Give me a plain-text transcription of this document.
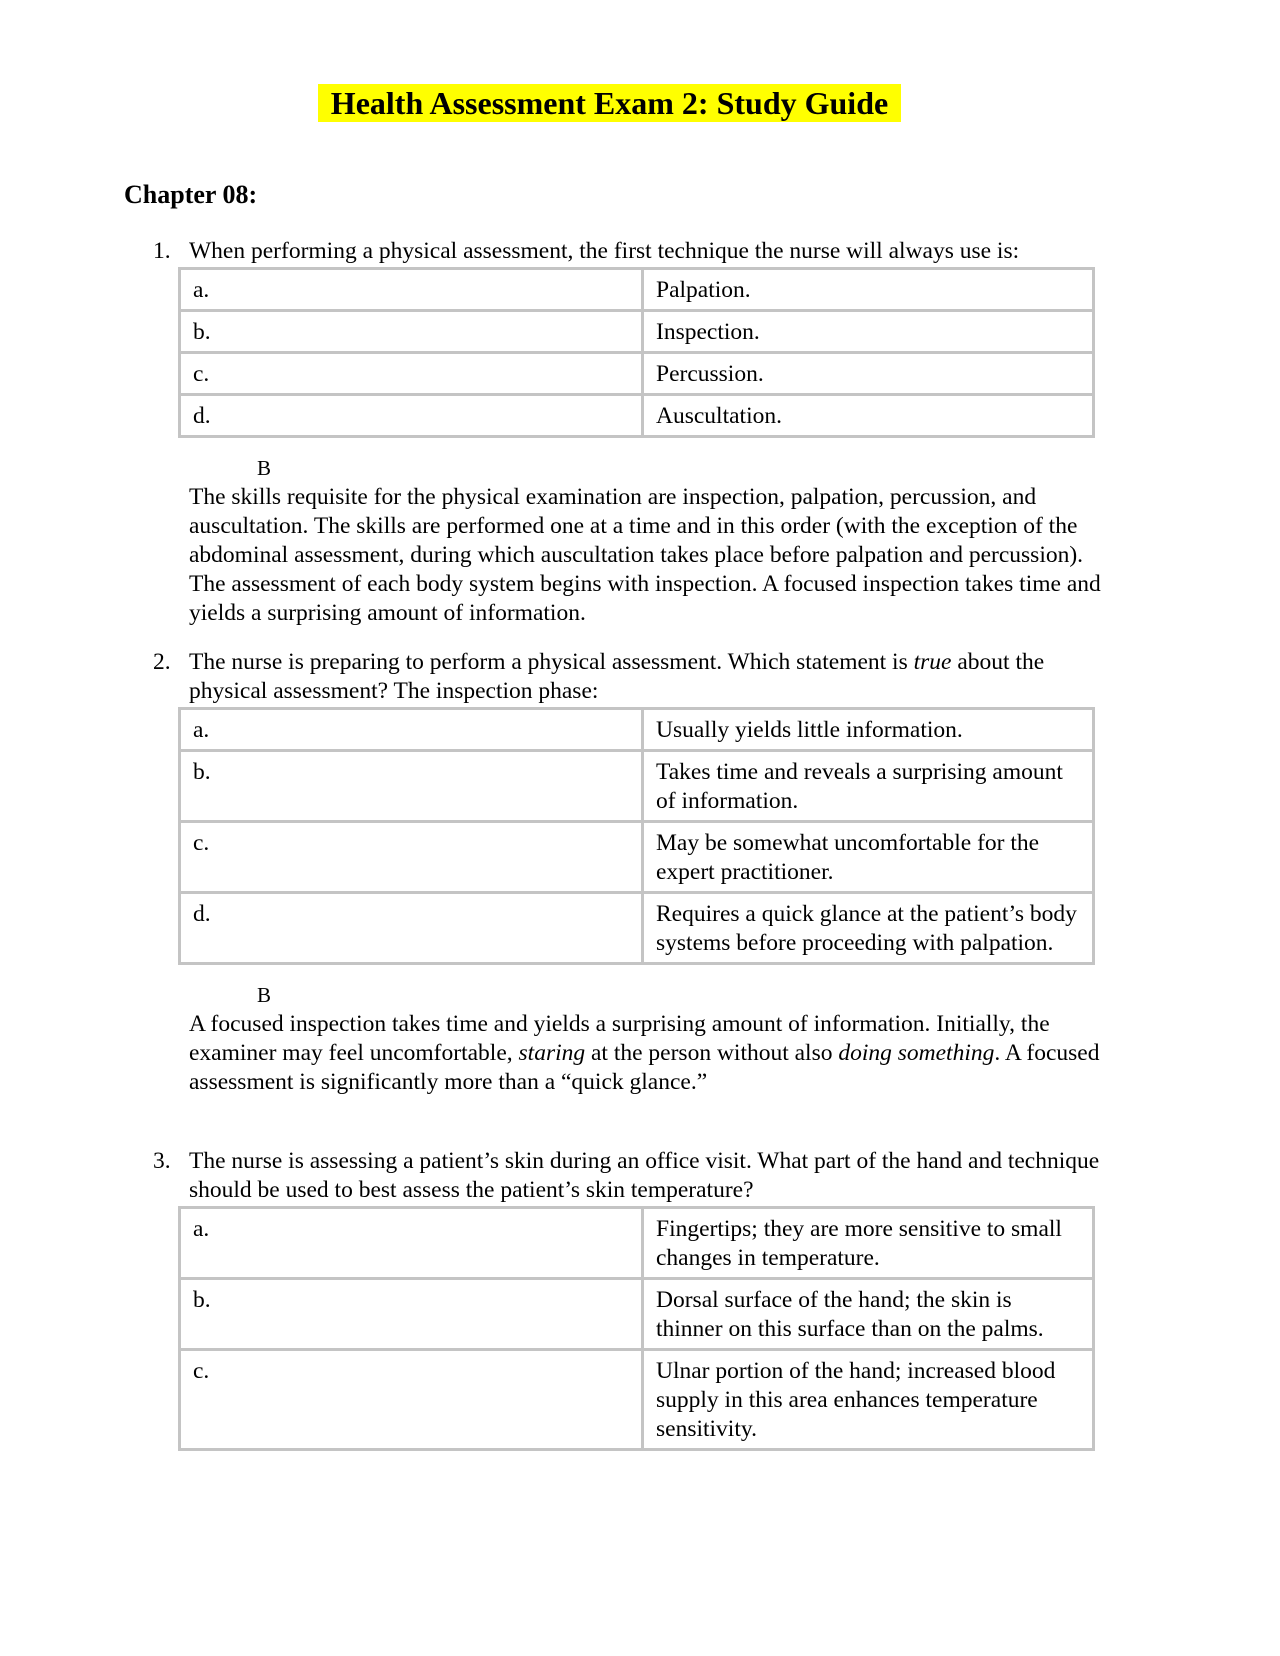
Health Assessment Exam 2: Study Guide
Chapter 08:
1. When performing a physical assessment, the first technique the nurse will always use is:
a.	Palpation.
b.	Inspection.
c.	Percussion.
d.	Auscultation.
B
The skills requisite for the physical examination are inspection, palpation, percussion, and auscultation. The skills are performed one at a time and in this order (with the exception of the abdominal assessment, during which auscultation takes place before palpation and percussion). The assessment of each body system begins with inspection. A focused inspection takes time and yields a surprising amount of information.
2. The nurse is preparing to perform a physical assessment. Which statement is true about the physical assessment? The inspection phase:
a.	Usually yields little information.
b.	Takes time and reveals a surprising amount of information.
c.	May be somewhat uncomfortable for the expert practitioner.
d.	Requires a quick glance at the patient’s body systems before proceeding with palpation.
B
A focused inspection takes time and yields a surprising amount of information. Initially, the examiner may feel uncomfortable, staring at the person without also doing something. A focused assessment is significantly more than a “quick glance.”
3. The nurse is assessing a patient’s skin during an office visit. What part of the hand and technique should be used to best assess the patient’s skin temperature?
a.	Fingertips; they are more sensitive to small changes in temperature.
b.	Dorsal surface of the hand; the skin is thinner on this surface than on the palms.
c.	Ulnar portion of the hand; increased blood supply in this area enhances temperature sensitivity.
